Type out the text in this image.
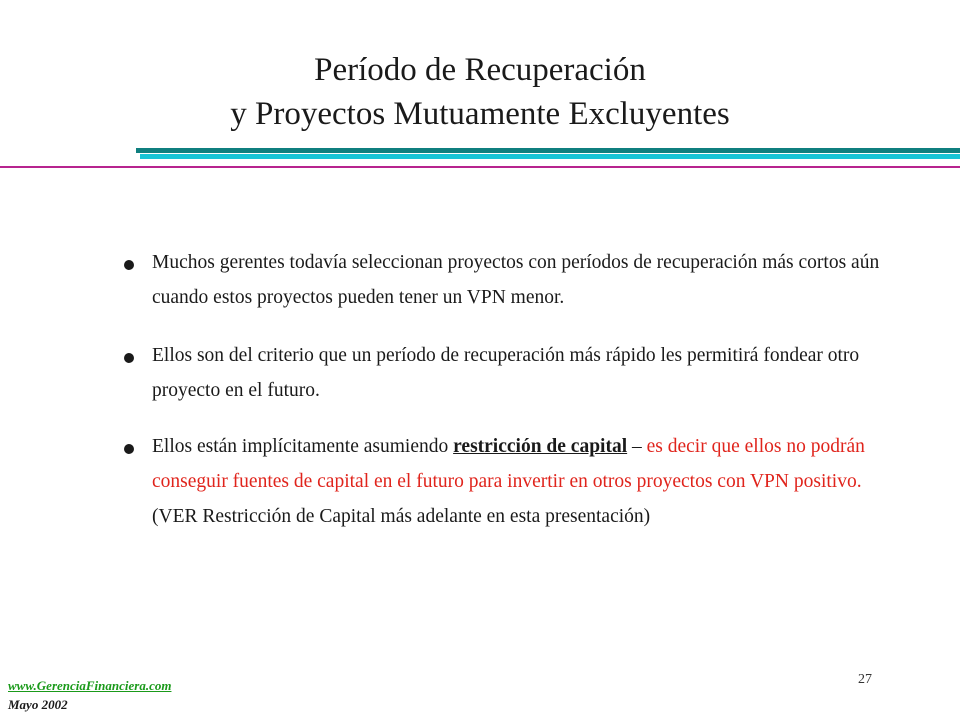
Período de Recuperación
y Proyectos Mutuamente Excluyentes
Muchos gerentes todavía seleccionan proyectos con períodos de recuperación más cortos aún cuando estos proyectos pueden tener un VPN menor.
Ellos son del criterio que un período de recuperación más rápido les permitirá fondear otro proyecto en el futuro.
Ellos están implícitamente asumiendo restricción de capital – es decir que ellos no podrán conseguir fuentes de capital en el futuro para invertir en otros proyectos con VPN positivo. (VER Restricción de Capital más adelante en esta presentación)
www.GerenciaFinanciera.com
Mayo 2002
27
